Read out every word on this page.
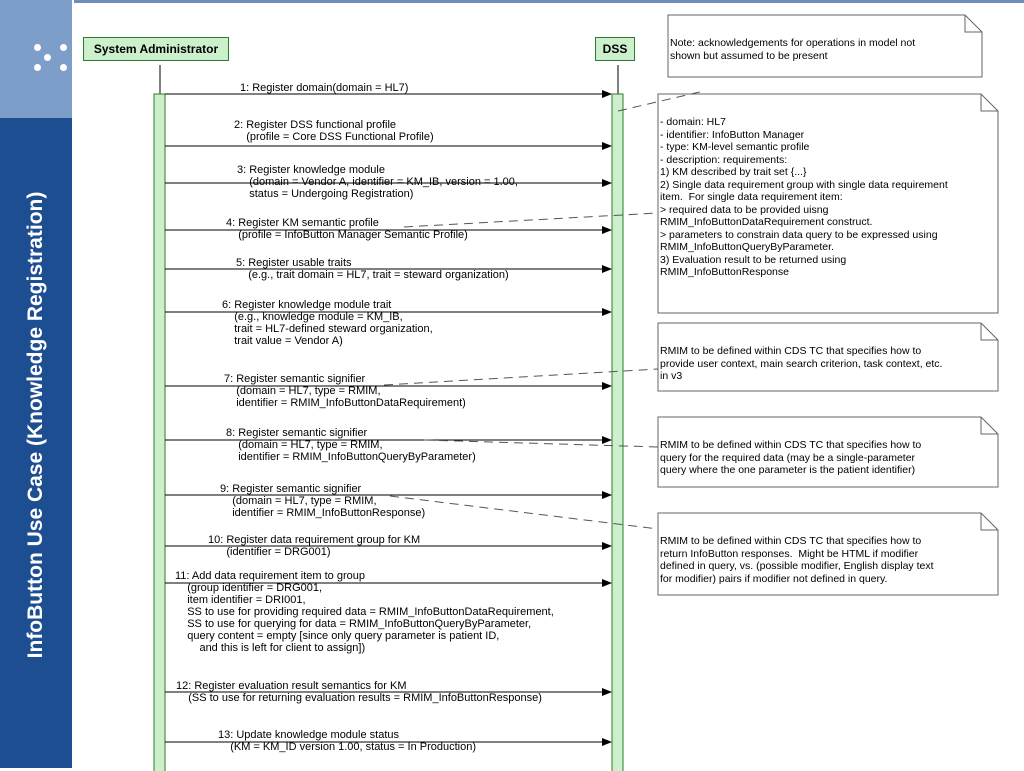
InfoButton Use Case (Knowledge Registration)
System Administrator	DSS
1: Register domain(domain = HL7)
2: Register DSS functional profile
(profile = Core DSS Functional Profile)
3: Register knowledge module
(domain = Vendor A, identifier = KM_IB, version = 1.00,
status = Undergoing Registration)
4: Register KM semantic profile
(profile = InfoButton Manager Semantic Profile)
5: Register usable traits
(e.g., trait domain = HL7, trait = steward organization)
6: Register knowledge module trait
(e.g., knowledge module = KM_IB,
trait = HL7-defined steward organization,
trait value = Vendor A)
7: Register semantic signifier
(domain = HL7, type = RMIM,
identifier = RMIM_InfoButtonDataRequirement)
8: Register semantic signifier
(domain = HL7, type = RMIM,
identifier = RMIM_InfoButtonQueryByParameter)
9: Register semantic signifier
(domain = HL7, type = RMIM,
identifier = RMIM_InfoButtonResponse)
10: Register data requirement group for KM
(identifier = DRG001)
11: Add data requirement item to group
(group identifier = DRG001,
item identifier = DRI001,
SS to use for providing required data = RMIM_InfoButtonDataRequirement,
SS to use for querying for data = RMIM_InfoButtonQueryByParameter,
query content = empty [since only query parameter is patient ID,
and this is left for client to assign])
12: Register evaluation result semantics for KM
(SS to use for returning evaluation results = RMIM_InfoButtonResponse)
13: Update knowledge module status
(KM = KM_ID version 1.00, status = In Production)
Note: acknowledgements for operations in model not
shown but assumed to be present
- domain: HL7
- identifier: InfoButton Manager
- type: KM-level semantic profile
- description: requirements:
1) KM described by trait set {...}
2) Single data requirement group with single data requirement
item.  For single data requirement item:
> required data to be provided uisng
RMIM_InfoButtonDataRequirement construct.
> parameters to constrain data query to be expressed using
RMIM_InfoButtonQueryByParameter.
3) Evaluation result to be returned using
RMIM_InfoButtonResponse
RMIM to be defined within CDS TC that specifies how to
provide user context, main search criterion, task context, etc.
in v3
RMIM to be defined within CDS TC that specifies how to
query for the required data (may be a single-parameter
query where the one parameter is the patient identifier)
RMIM to be defined within CDS TC that specifies how to
return InfoButton responses.  Might be HTML if modifier
defined in query, vs. (possible modifier, English display text
for modifier) pairs if modifier not defined in query.
